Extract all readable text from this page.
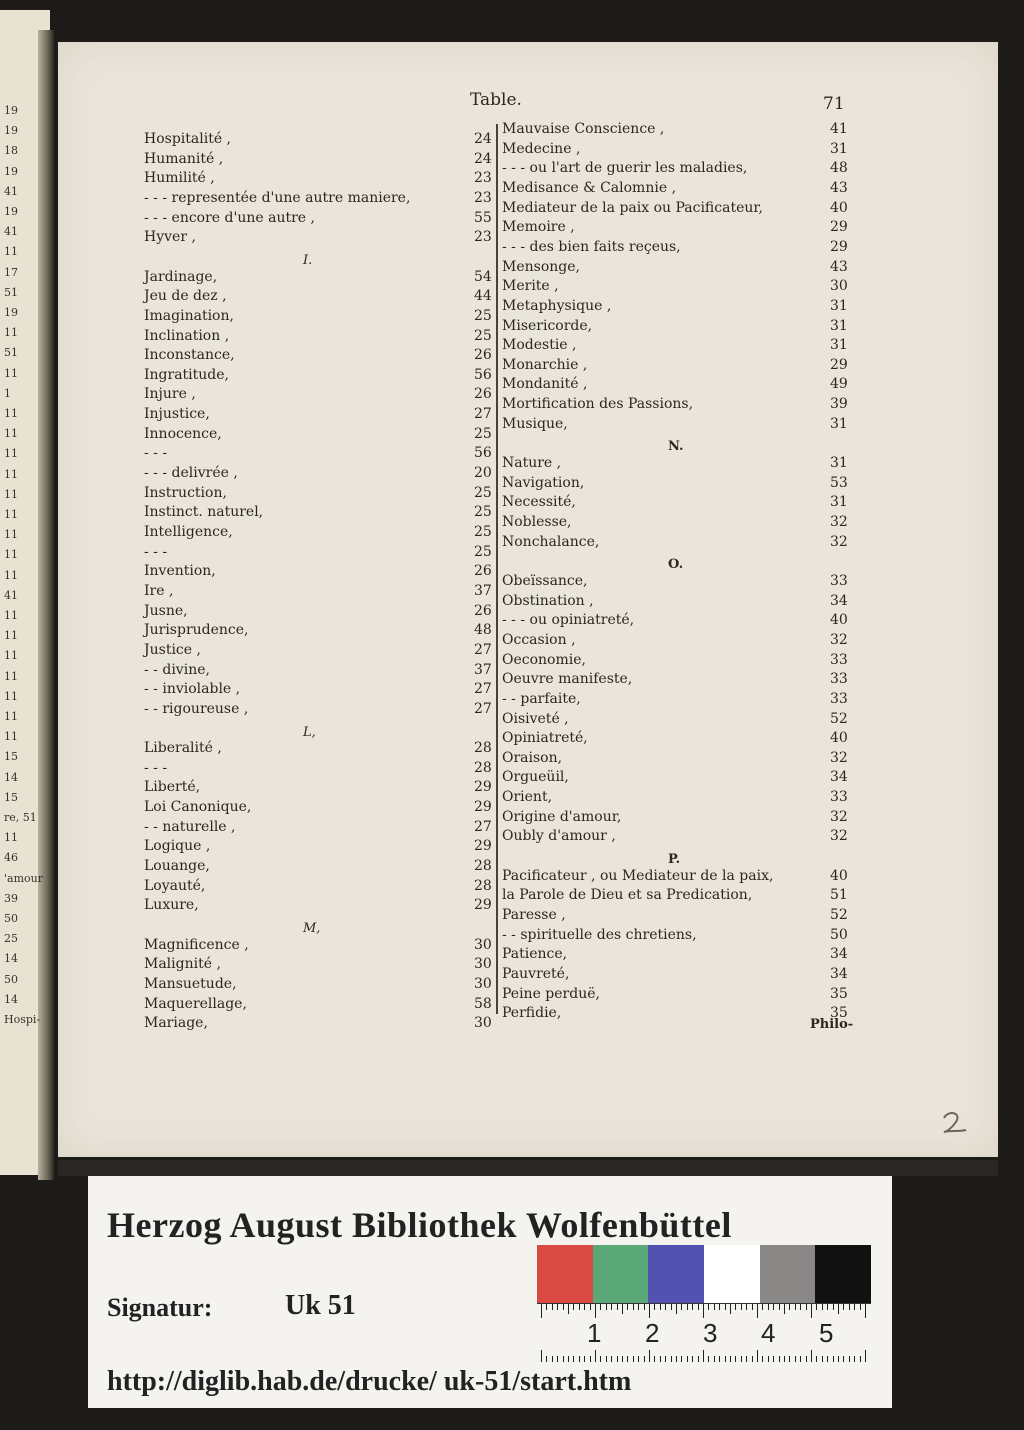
19
19
18
19
41
19
41
11
17
51
19
11
51
11
1
11
11
11
11
11
11
11
11
11
41
11
11
11
11
11
11
11
15
14
15
re, 51
11
46
'amour
39
50
25
14
50
14
Hospi-
Table.	71
Hospitalité ,	24
Humanité ,	24
Humilité ,	23
- - - representée d'une autre maniere,	23
- - - encore d'une autre ,	55
Hyver ,	23
I.
Jardinage,	54
Jeu de dez ,	44
Imagination,	25
Inclination ,	25
Inconstance,	26
Ingratitude,	56
Injure ,	26
Injustice,	27
Innocence,	25
- - -	56
- - - delivrée ,	20
Instruction,	25
Instinct. naturel,	25
Intelligence,	25
- - -	25
Invention,	26
Ire ,	37
Jusne,	26
Jurisprudence,	48
Justice ,	27
- - divine,	37
- - inviolable ,	27
- - rigoureuse ,	27
L,
Liberalité ,	28
- - -	28
Liberté,	29
Loi Canonique,	29
- - naturelle ,	27
Logique ,	29
Louange,	28
Loyauté,	28
Luxure,	29
M,
Magnificence ,	30
Malignité ,	30
Mansuetude,	30
Maquerellage,	58
Mariage,	30
Mauvaise Conscience ,	41
Medecine ,	31
- - - ou l'art de guerir les maladies,	48
Medisance & Calomnie ,	43
Mediateur de la paix ou Pacificateur,	40
Memoire ,	29
- - - des bien faits reçeus,	29
Mensonge,	43
Merite ,	30
Metaphysique ,	31
Misericorde,	31
Modestie ,	31
Monarchie ,	29
Mondanité ,	49
Mortification des Passions,	39
Musique,	31
N.
Nature ,	31
Navigation,	53
Necessité,	31
Noblesse,	32
Nonchalance,	32
O.
Obeïssance,	33
Obstination ,	34
- - - ou opiniatreté,	40
Occasion ,	32
Oeconomie,	33
Oeuvre manifeste,	33
- - parfaite,	33
Oisiveté ,	52
Opiniatreté,	40
Oraison,	32
Orgueüil,	34
Orient,	33
Origine d'amour,	32
Oubly d'amour ,	32
P.
Pacificateur , ou Mediateur de la paix,	40
la Parole de Dieu et sa Predication,	51
Paresse ,	52
- - spirituelle des chretiens,	50
Patience,	34
Pauvreté,	34
Peine perduë,	35
Perfidie,	35
Philo-
Herzog August Bibliothek Wolfenbüttel
Signatur:	Uk 51
http://diglib.hab.de/drucke/ uk-51/start.htm
1 2 3 4 5
